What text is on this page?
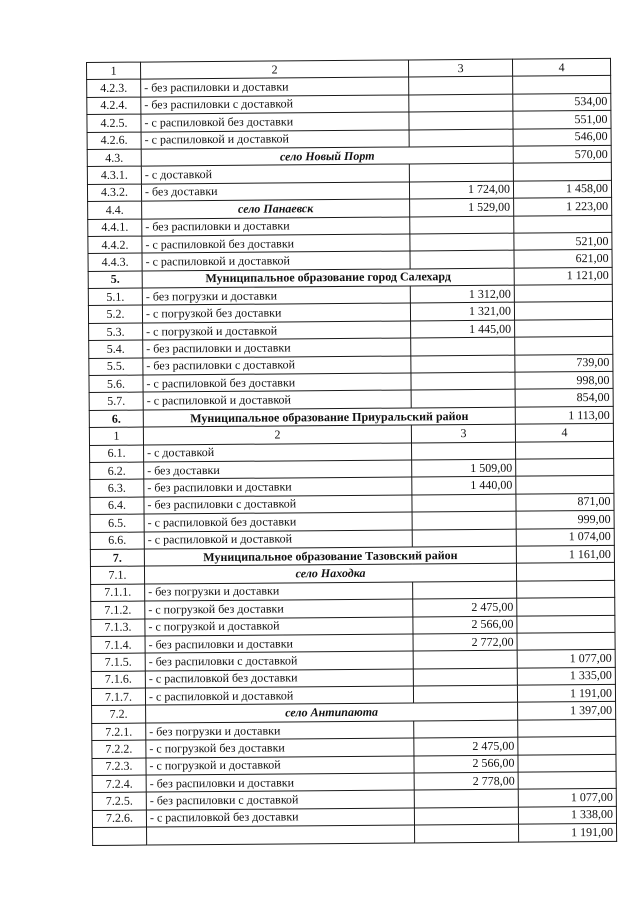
1	2	3	4
4.2.3.	- без распиловки и доставки		
4.2.4.	- без распиловки с доставкой		534,00
4.2.5.	- с распиловкой без доставки		551,00
4.2.6.	- с распиловкой и доставкой		546,00
4.3.	село Новый Порт		570,00
4.3.1.	- с доставкой		
4.3.2.	- без доставки	1 724,00	1 458,00
4.4.	село Панаевск	1 529,00	1 223,00
4.4.1.	- без распиловки и доставки		
4.4.2.	- с распиловкой без доставки		521,00
4.4.3.	- с распиловкой и доставкой		621,00
5.	Муниципальное образование город Салехард		1 121,00
5.1.	- без погрузки и доставки	1 312,00	
5.2.	- с погрузкой без доставки	1 321,00	
5.3.	- с погрузкой и доставкой	1 445,00	
5.4.	- без распиловки и доставки		
5.5.	- без распиловки с доставкой		739,00
5.6.	- с распиловкой без доставки		998,00
5.7.	- с распиловкой и доставкой		854,00
6.	Муниципальное образование Приуральский район		1 113,00
1	2	3	4
6.1.	- с доставкой		
6.2.	- без доставки	1 509,00	
6.3.	- без распиловки и доставки	1 440,00	
6.4.	- без распиловки с доставкой		871,00
6.5.	- с распиловкой без доставки		999,00
6.6.	- с распиловкой и доставкой		1 074,00
7.	Муниципальное образование Тазовский район		1 161,00
7.1.	село Находка		
7.1.1.	- без погрузки и доставки		
7.1.2.	- с погрузкой без доставки	2 475,00	
7.1.3.	- с погрузкой и доставкой	2 566,00	
7.1.4.	- без распиловки и доставки	2 772,00	
7.1.5.	- без распиловки с доставкой		1 077,00
7.1.6.	- с распиловкой без доставки		1 335,00
7.1.7.	- с распиловкой и доставкой		1 191,00
7.2.	село Антипаюта		1 397,00
7.2.1.	- без погрузки и доставки		
7.2.2.	- с погрузкой без доставки	2 475,00	
7.2.3.	- с погрузкой и доставкой	2 566,00	
7.2.4.	- без распиловки и доставки	2 778,00	
7.2.5.	- без распиловки с доставкой		1 077,00
7.2.6.	- с распиловкой без доставки		1 338,00
			1 191,00
